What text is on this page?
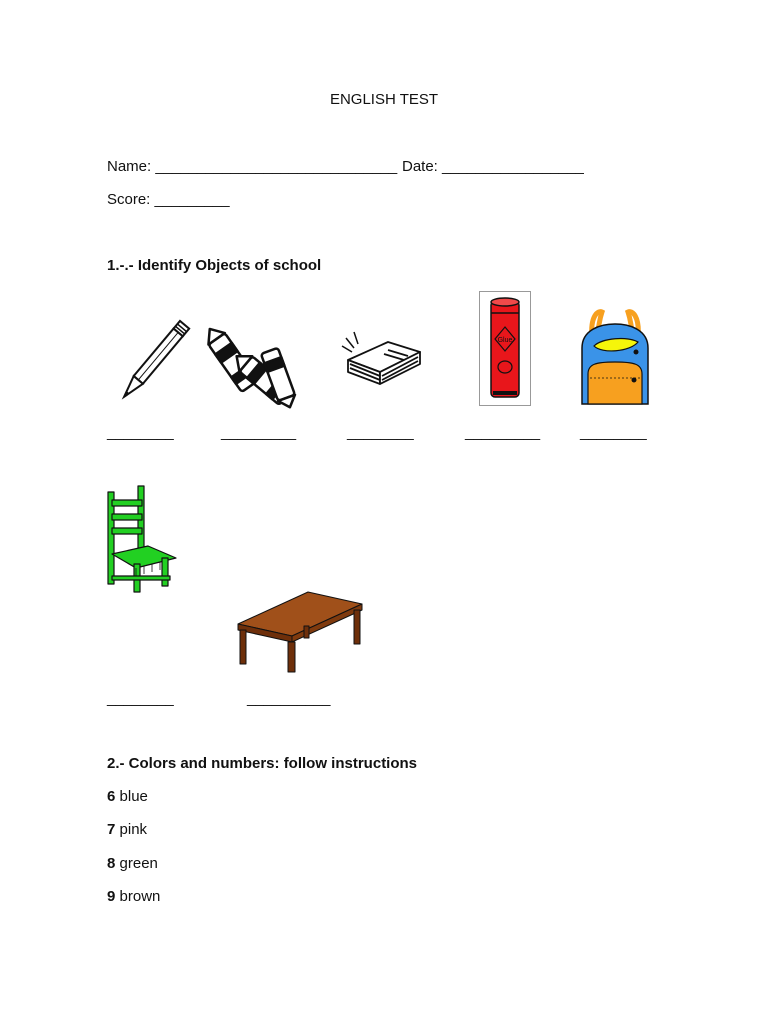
ENGLISH TEST
Name: _____________________________ Date: _________________
Score: _________
1.-.- Identify Objects of school
Glue
________	_________	________	_________	________
________	__________
2.- Colors and numbers: follow instructions
6 blue
7 pink
8 green
9 brown
